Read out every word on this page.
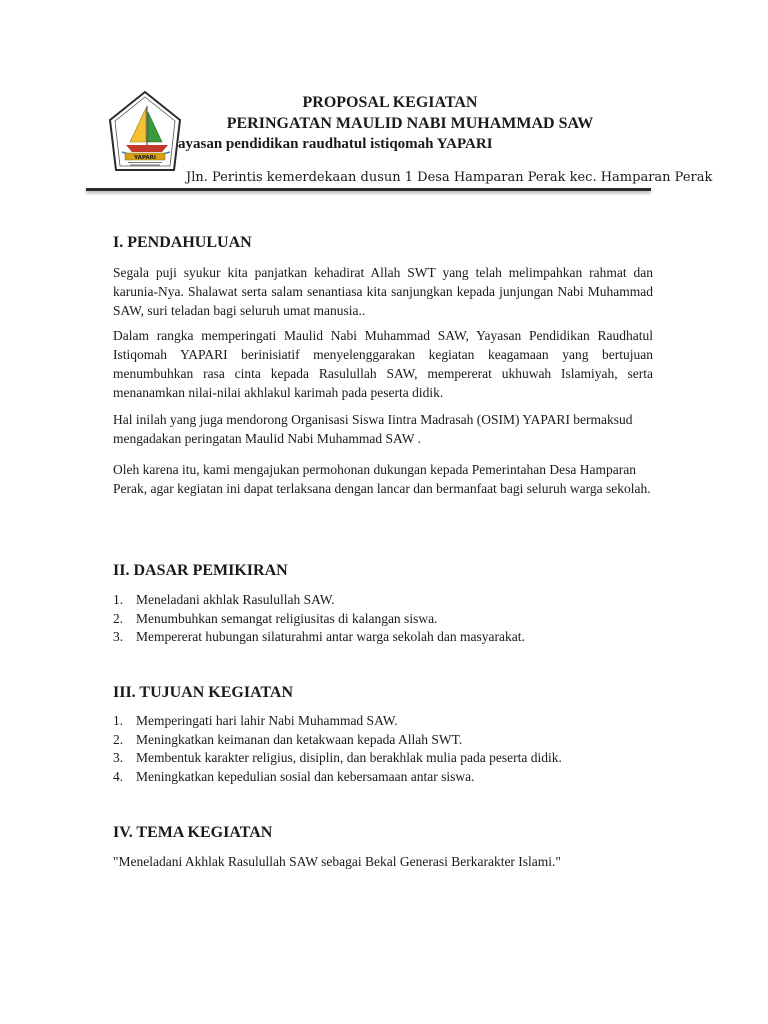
YAPARI
PROPOSAL KEGIATAN
PERINGATAN MAULID NABI MUHAMMAD SAW
ayasan pendidikan raudhatul istiqomah YAPARI
Jln. Perintis kemerdekaan dusun 1 Desa Hamparan Perak kec. Hamparan Perak
I. PENDAHULUAN
Segala puji syukur kita panjatkan kehadirat Allah SWT yang telah melimpahkan rahmat dan karunia-Nya. Shalawat serta salam senantiasa kita sanjungkan kepada junjungan Nabi Muhammad SAW, suri teladan bagi seluruh umat manusia..
Dalam rangka memperingati Maulid Nabi Muhammad SAW, Yayasan Pendidikan Raudhatul Istiqomah YAPARI berinisiatif menyelenggarakan kegiatan keagamaan yang bertujuan menumbuhkan rasa cinta kepada Rasulullah SAW, mempererat ukhuwah Islamiyah, serta menanamkan nilai-nilai akhlakul karimah pada peserta didik.
Hal inilah yang juga mendorong Organisasi Siswa Iintra Madrasah (OSIM) YAPARI bermaksud mengadakan peringatan Maulid Nabi Muhammad SAW .
Oleh karena itu, kami mengajukan permohonan dukungan kepada Pemerintahan Desa Hamparan Perak, agar kegiatan ini dapat terlaksana dengan lancar dan bermanfaat bagi seluruh warga sekolah.
II. DASAR PEMIKIRAN
1. Meneladani akhlak Rasulullah SAW.
2. Menumbuhkan semangat religiusitas di kalangan siswa.
3. Mempererat hubungan silaturahmi antar warga sekolah dan masyarakat.
III. TUJUAN KEGIATAN
1. Memperingati hari lahir Nabi Muhammad SAW.
2. Meningkatkan keimanan dan ketakwaan kepada Allah SWT.
3. Membentuk karakter religius, disiplin, dan berakhlak mulia pada peserta didik.
4. Meningkatkan kepedulian sosial dan kebersamaan antar siswa.
IV. TEMA KEGIATAN
"Meneladani Akhlak Rasulullah SAW sebagai Bekal Generasi Berkarakter Islami."
